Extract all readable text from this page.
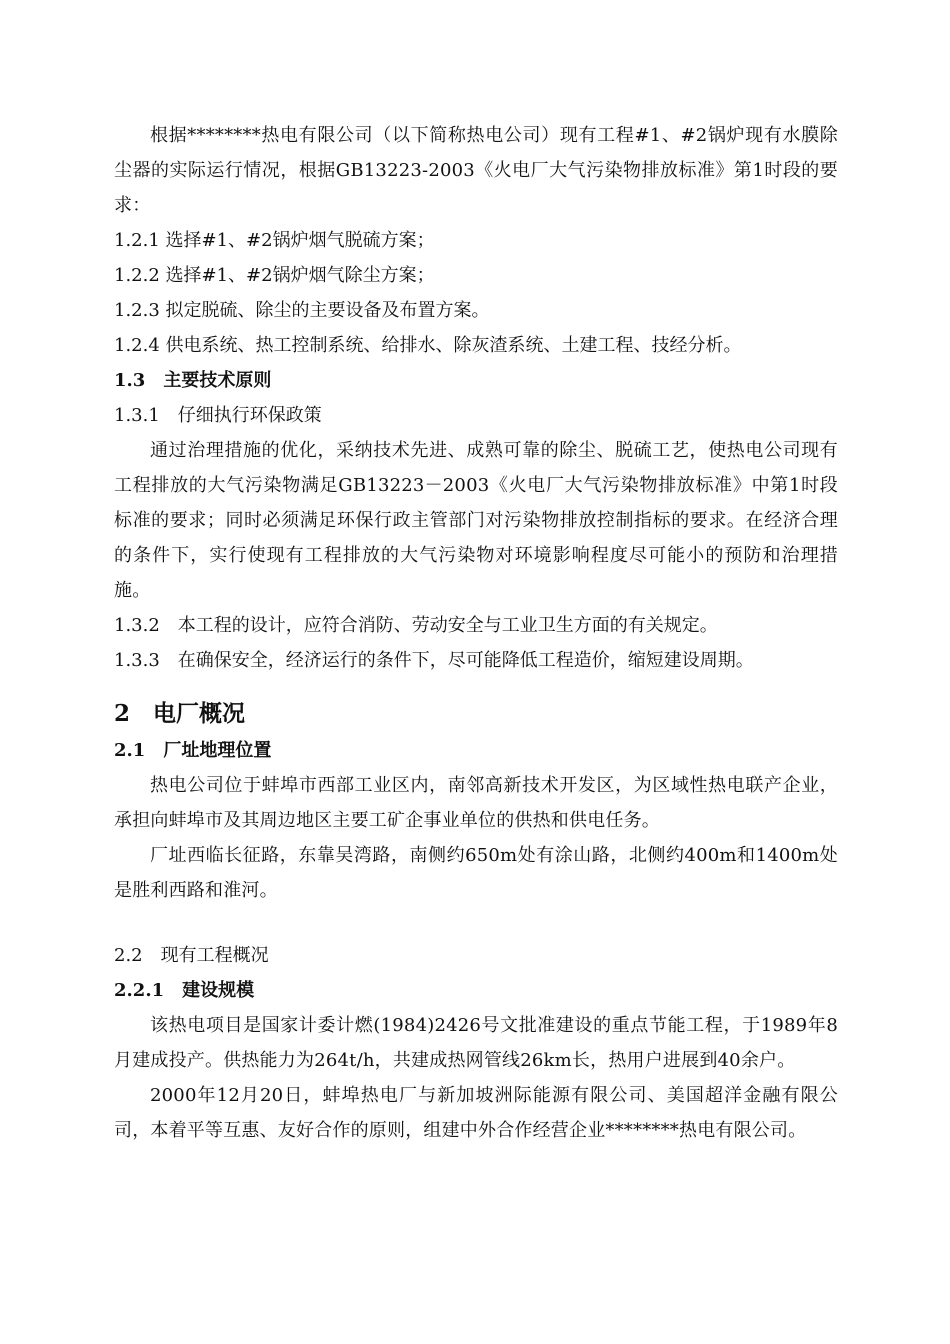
根据********热电有限公司（以下简称热电公司）现有工程#1、#2锅炉现有水膜除尘器的实际运行情况，根据GB13223-2003《火电厂大气污染物排放标准》第1时段的要求：

1.2.1 选择#1、#2锅炉烟气脱硫方案；

1.2.2 选择#1、#2锅炉烟气除尘方案；

1.2.3 拟定脱硫、除尘的主要设备及布置方案。

1.2.4 供电系统、热工控制系统、给排水、除灰渣系统、土建工程、技经分析。

1.3　主要技术原则

1.3.1　仔细执行环保政策

通过治理措施的优化，采纳技术先进、成熟可靠的除尘、脱硫工艺，使热电公司现有工程排放的大气污染物满足GB13223－2003《火电厂大气污染物排放标准》中第1时段标准的要求；同时必须满足环保行政主管部门对污染物排放控制指标的要求。在经济合理的条件下，实行使现有工程排放的大气污染物对环境影响程度尽可能小的预防和治理措施。

1.3.2　本工程的设计，应符合消防、劳动安全与工业卫生方面的有关规定。

1.3.3　在确保安全，经济运行的条件下，尽可能降低工程造价，缩短建设周期。

2　电厂概况

2.1　厂址地理位置

热电公司位于蚌埠市西部工业区内，南邻高新技术开发区，为区域性热电联产企业，承担向蚌埠市及其周边地区主要工矿企事业单位的供热和供电任务。

厂址西临长征路，东靠吴湾路，南侧约650m处有涂山路，北侧约400m和1400m处是胜利西路和淮河。

2.2　现有工程概况

2.2.1　建设规模

该热电项目是国家计委计燃(1984)2426号文批准建设的重点节能工程，于1989年8月建成投产。供热能力为264t/h，共建成热网管线26km长，热用户进展到40余户。

2000年12月20日，蚌埠热电厂与新加坡洲际能源有限公司、美国超洋金融有限公司，本着平等互惠、友好合作的原则，组建中外合作经营企业********热电有限公司。
